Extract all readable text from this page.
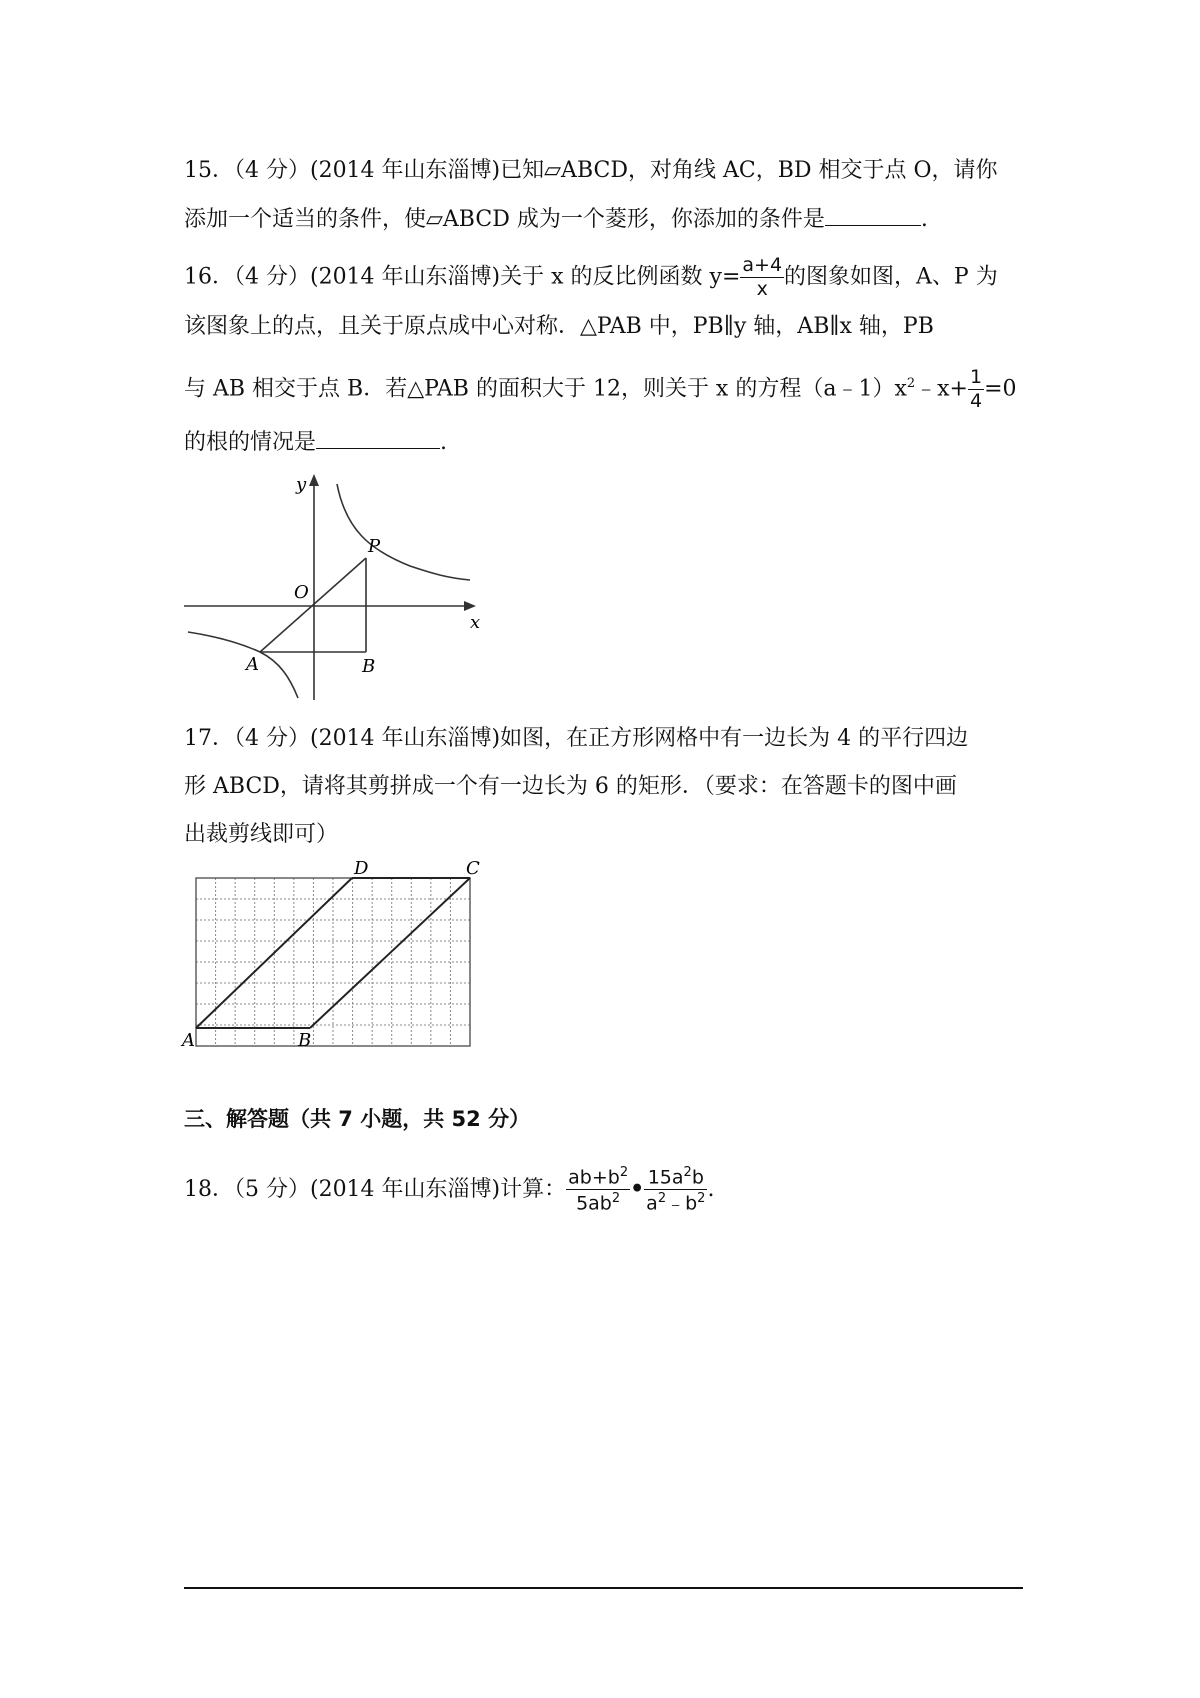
15．（4 分）(2014 年山东淄博)已知▱ABCD，对角线 AC，BD 相交于点 O，请你
添加一个适当的条件，使▱ABCD 成为一个菱形，你添加的条件是	.
16．（4 分）(2014 年山东淄博)关于 x 的反比例函数 $y= \frac{a+4}{x}$ 的图象如图，A、P 为
该图象上的点，且关于原点成中心对称．△PAB 中，PB∥y 轴，AB∥x 轴，PB
与 AB 相交于点 B．若△PAB 的面积大于 12，则关于 x 的方程$(a﹣1)x^2﹣x+ \frac{1}{4} =0$
的根的情况是	.
y
x
O
P
A	B
17．（4 分）(2014 年山东淄博)如图，在正方形网格中有一边长为 4 的平行四边
形 ABCD，请将其剪拼成一个有一边长为 6 的矩形．（要求：在答题卡的图中画
出裁剪线即可）
D	C
A	B
三、解答题（共 7 小题，共 52 分）
18．（5 分）(2014 年山东淄博)计算： $\frac{ab+b^2}{5ab^2}$ • $\frac{15a^2b}{a^2﹣b^2}$ .
